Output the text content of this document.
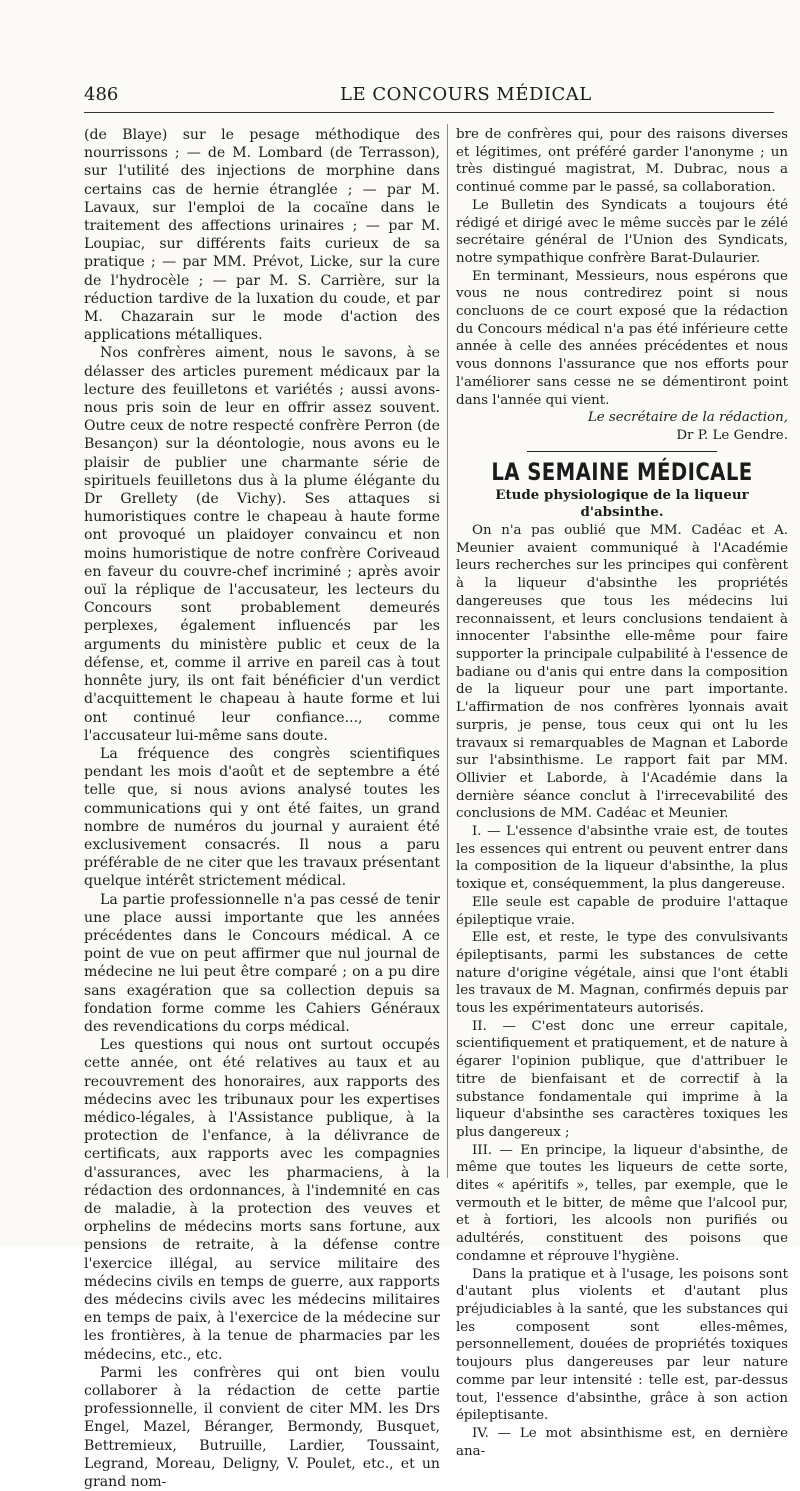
486	LE CONCOURS MÉDICAL

(de Blaye) sur le pesage méthodique des nourrissons ; — de M. Lombard (de Terrasson), sur l'utilité des injections de morphine dans certains cas de hernie étranglée ; — par M. Lavaux, sur l'emploi de la cocaïne dans le traitement des affections urinaires ; — par M. Loupiac, sur différents faits curieux de sa pratique ; — par MM. Prévot, Licke, sur la cure de l'hydrocèle ; — par M. S. Carrière, sur la réduction tardive de la luxation du coude, et par M. Chazarain sur le mode d'action des applications métalliques.

Nos confrères aiment, nous le savons, à se délasser des articles purement médicaux par la lecture des feuilletons et variétés ; aussi avons-nous pris soin de leur en offrir assez souvent. Outre ceux de notre respecté confrère Perron (de Besançon) sur la déontologie, nous avons eu le plaisir de publier une charmante série de spirituels feuilletons dus à la plume élégante du Dr Grellety (de Vichy). Ses attaques si humoristiques contre le chapeau à haute forme ont provoqué un plaidoyer convaincu et non moins humoristique de notre confrère Coriveaud en faveur du couvre-chef incriminé ; après avoir ouï la réplique de l'accusateur, les lecteurs du Concours sont probablement demeurés perplexes, également influencés par les arguments du ministère public et ceux de la défense, et, comme il arrive en pareil cas à tout honnête jury, ils ont fait bénéficier d'un verdict d'acquittement le chapeau à haute forme et lui ont continué leur confiance..., comme l'accusateur lui-même sans doute.

La fréquence des congrès scientifiques pendant les mois d'août et de septembre a été telle que, si nous avions analysé toutes les communications qui y ont été faites, un grand nombre de numéros du journal y auraient été exclusivement consacrés. Il nous a paru préférable de ne citer que les travaux présentant quelque intérêt strictement médical.

La partie professionnelle n'a pas cessé de tenir une place aussi importante que les années précédentes dans le Concours médical. A ce point de vue on peut affirmer que nul journal de médecine ne lui peut être comparé ; on a pu dire sans exagération que sa collection depuis sa fondation forme comme les Cahiers Généraux des revendications du corps médical.

Les questions qui nous ont surtout occupés cette année, ont été relatives au taux et au recouvrement des honoraires, aux rapports des médecins avec les tribunaux pour les expertises médico-légales, à l'Assistance publique, à la protection de l'enfance, à la délivrance de certificats, aux rapports avec les compagnies d'assurances, avec les pharmaciens, à la rédaction des ordonnances, à l'indemnité en cas de maladie, à la protection des veuves et orphelins de médecins morts sans fortune, aux pensions de retraite, à la défense contre l'exercice illégal, au service militaire des médecins civils en temps de guerre, aux rapports des médecins civils avec les médecins militaires en temps de paix, à l'exercice de la médecine sur les frontières, à la tenue de pharmacies par les médecins, etc., etc.

Parmi les confrères qui ont bien voulu collaborer à la rédaction de cette partie professionnelle, il convient de citer MM. les Drs Engel, Mazel, Béranger, Bermondy, Busquet, Bettremieux, Butruille, Lardier, Toussaint, Legrand, Moreau, Deligny, V. Poulet, etc., et un grand nom-

bre de confrères qui, pour des raisons diverses et légitimes, ont préféré garder l'anonyme ; un très distingué magistrat, M. Dubrac, nous a continué comme par le passé, sa collaboration.

Le Bulletin des Syndicats a toujours été rédigé et dirigé avec le même succès par le zélé secrétaire général de l'Union des Syndicats, notre sympathique confrère Barat-Dulaurier.

En terminant, Messieurs, nous espérons que vous ne nous contredirez point si nous concluons de ce court exposé que la rédaction du Concours médical n'a pas été inférieure cette année à celle des années précédentes et nous vous donnons l'assurance que nos efforts pour l'améliorer sans cesse ne se démentiront point dans l'année qui vient.

Le secrétaire de la rédaction,

Dr P. Le Gendre.

LA SEMAINE MÉDICALE

Etude physiologique de la liqueur d'absinthe.

On n'a pas oublié que MM. Cadéac et A. Meunier avaient communiqué à l'Académie leurs recherches sur les principes qui confèrent à la liqueur d'absinthe les propriétés dangereuses que tous les médecins lui reconnaissent, et leurs conclusions tendaient à innocenter l'absinthe elle-même pour faire supporter la principale culpabilité à l'essence de badiane ou d'anis qui entre dans la composition de la liqueur pour une part importante. L'affirmation de nos confrères lyonnais avait surpris, je pense, tous ceux qui ont lu les travaux si remarquables de Magnan et Laborde sur l'absinthisme. Le rapport fait par MM. Ollivier et Laborde, à l'Académie dans la dernière séance conclut à l'irrecevabilité des conclusions de MM. Cadéac et Meunier.

I. — L'essence d'absinthe vraie est, de toutes les essences qui entrent ou peuvent entrer dans la composition de la liqueur d'absinthe, la plus toxique et, conséquemment, la plus dangereuse.

Elle seule est capable de produire l'attaque épileptique vraie.

Elle est, et reste, le type des convulsivants épileptisants, parmi les substances de cette nature d'origine végétale, ainsi que l'ont établi les travaux de M. Magnan, confirmés depuis par tous les expérimentateurs autorisés.

II. — C'est donc une erreur capitale, scientifiquement et pratiquement, et de nature à égarer l'opinion publique, que d'attribuer le titre de bienfaisant et de correctif à la substance fondamentale qui imprime à la liqueur d'absinthe ses caractères toxiques les plus dangereux ;

III. — En principe, la liqueur d'absinthe, de même que toutes les liqueurs de cette sorte, dites « apéritifs », telles, par exemple, que le vermouth et le bitter, de même que l'alcool pur, et à fortiori, les alcools non purifiés ou adultérés, constituent des poisons que condamne et réprouve l'hygiène.

Dans la pratique et à l'usage, les poisons sont d'autant plus violents et d'autant plus préjudiciables à la santé, que les substances qui les composent sont elles-mêmes, personnellement, douées de propriétés toxiques toujours plus dangereuses par leur nature comme par leur intensité : telle est, par-dessus tout, l'essence d'absinthe, grâce à son action épileptisante.

IV. — Le mot absinthisme est, en dernière ana-
